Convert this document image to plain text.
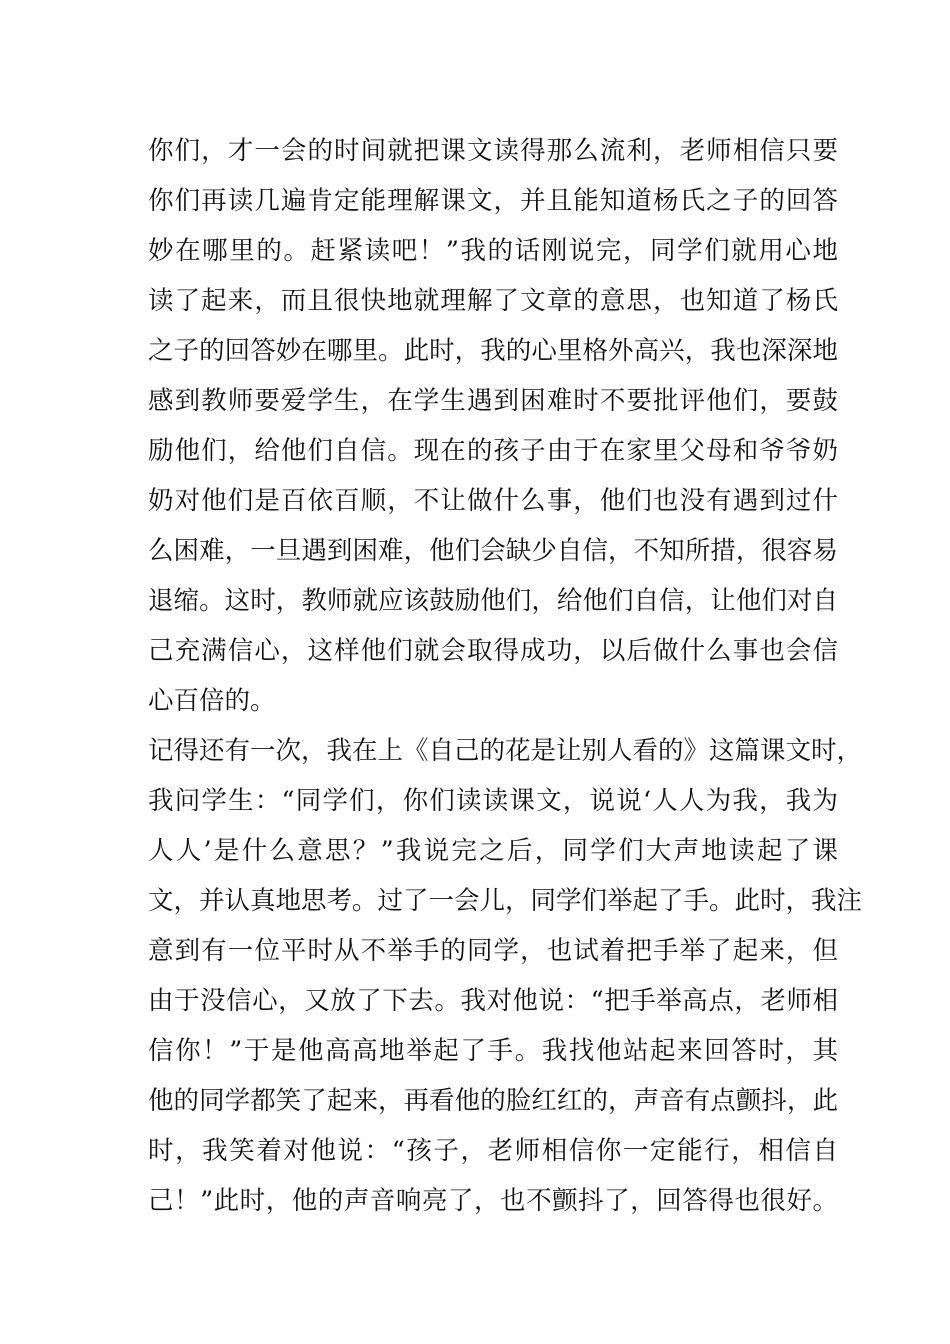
你们，才一会的时间就把课文读得那么流利，老师相信只要
你们再读几遍肯定能理解课文，并且能知道杨氏之子的回答
妙在哪里的。赶紧读吧！”我的话刚说完，同学们就用心地
读了起来，而且很快地就理解了文章的意思，也知道了杨氏
之子的回答妙在哪里。此时，我的心里格外高兴，我也深深地
感到教师要爱学生，在学生遇到困难时不要批评他们，要鼓
励他们，给他们自信。现在的孩子由于在家里父母和爷爷奶
奶对他们是百依百顺，不让做什么事，他们也没有遇到过什
么困难，一旦遇到困难，他们会缺少自信，不知所措，很容易
退缩。这时，教师就应该鼓励他们，给他们自信，让他们对自
己充满信心，这样他们就会取得成功，以后做什么事也会信
心百倍的。
记得还有一次，我在上《自己的花是让别人看的》这篇课文时，
我问学生：“同学们，你们读读课文，说说‘人人为我，我为
人人’是什么意思？”我说完之后，同学们大声地读起了课
文，并认真地思考。过了一会儿，同学们举起了手。此时，我注
意到有一位平时从不举手的同学，也试着把手举了起来，但
由于没信心，又放了下去。我对他说：“把手举高点，老师相
信你！”于是他高高地举起了手。我找他站起来回答时，其
他的同学都笑了起来，再看他的脸红红的，声音有点颤抖，此
时，我笑着对他说：“孩子，老师相信你一定能行，相信自
己！”此时，他的声音响亮了，也不颤抖了，回答得也很好。
